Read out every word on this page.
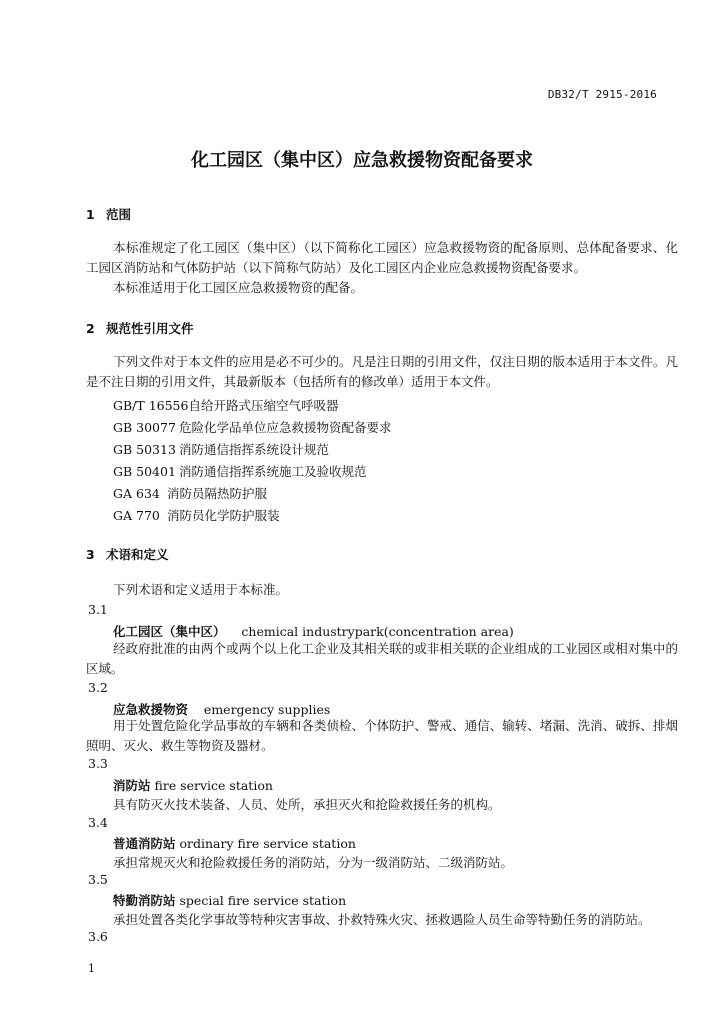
DB32/T 2915-2016
化工园区（集中区）应急救援物资配备要求
1 范围
本标准规定了化工园区（集中区）（以下简称化工园区）应急救援物资的配备原则、总体配备要求、化工园区消防站和气体防护站（以下简称气防站）及化工园区内企业应急救援物资配备要求。
本标准适用于化工园区应急救援物资的配备。
2 规范性引用文件
下列文件对于本文件的应用是必不可少的。凡是注日期的引用文件，仅注日期的版本适用于本文件。凡是不注日期的引用文件，其最新版本（包括所有的修改单）适用于本文件。
GB/T 16556自给开路式压缩空气呼吸器
GB 30077 危险化学品单位应急救援物资配备要求
GB 50313 消防通信指挥系统设计规范
GB 50401 消防通信指挥系统施工及验收规范
GA 634 消防员隔热防护服
GA 770 消防员化学防护服装
3 术语和定义
下列术语和定义适用于本标准。
3.1
化工园区（集中区） chemical industrypark(concentration area)
经政府批准的由两个或两个以上化工企业及其相关联的或非相关联的企业组成的工业园区或相对集中的区域。
3.2
应急救援物资 emergency supplies
用于处置危险化学品事故的车辆和各类侦检、个体防护、警戒、通信、输转、堵漏、洗消、破拆、排烟照明、灭火、救生等物资及器材。
3.3
消防站 fire service station
具有防灭火技术装备、人员、处所，承担灭火和抢险救援任务的机构。
3.4
普通消防站 ordinary fire service station
承担常规灭火和抢险救援任务的消防站，分为一级消防站、二级消防站。
3.5
特勤消防站 special fire service station
承担处置各类化学事故等特种灾害事故、扑救特殊火灾、拯救遇险人员生命等特勤任务的消防站。
3.6
1
